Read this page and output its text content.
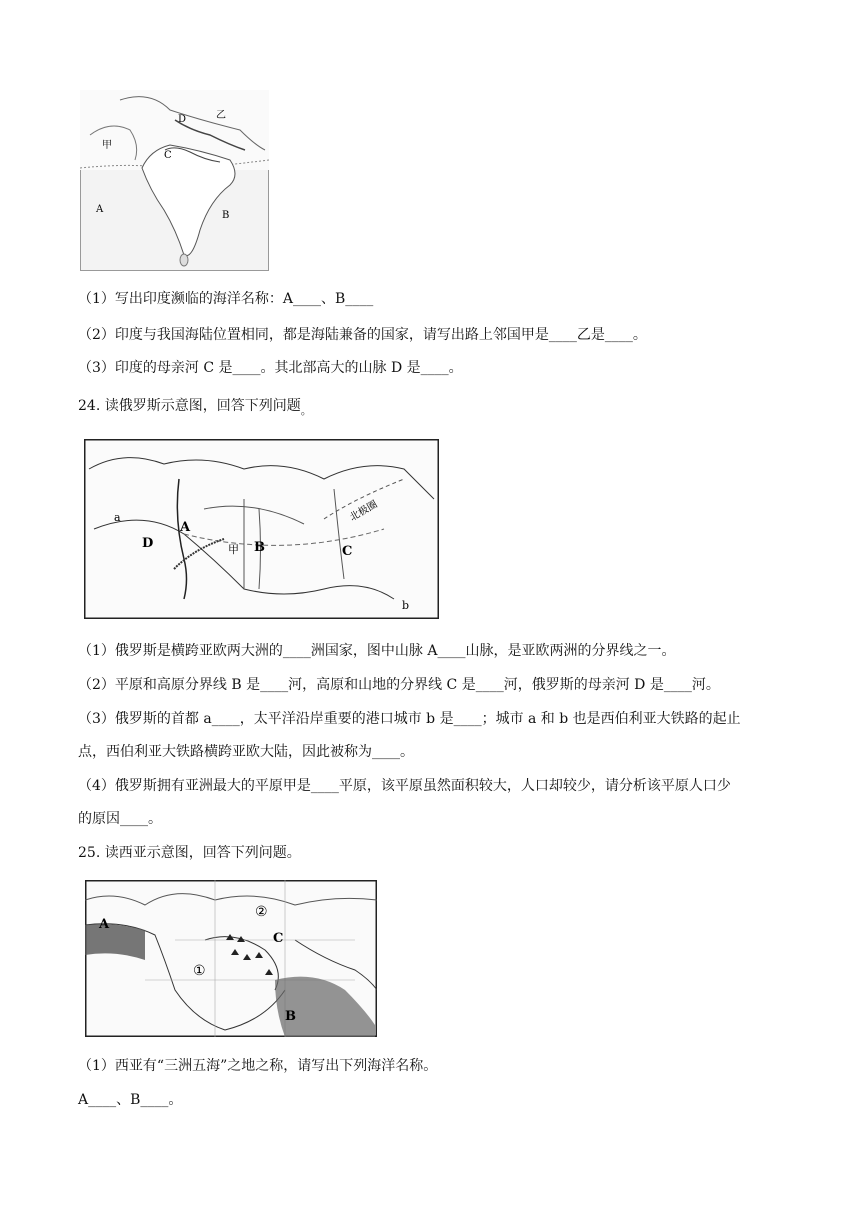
D	乙
甲
C
A
B
（1）写出印度濒临的海洋名称：A____、B____
（2）印度与我国海陆位置相同，都是海陆兼备的国家，请写出路上邻国甲是____乙是____。
（3）印度的母亲河 C 是____。其北部高大的山脉 D 是____。
24. 读俄罗斯示意图，回答下列问题$_。$
a
D
A
甲 B	C
b
北极圈
（1）俄罗斯是横跨亚欧两大洲的____洲国家，图中山脉 A____山脉，是亚欧两洲的分界线之一。
（2）平原和高原分界线 B 是____河，高原和山地的分界线 C 是____河，俄罗斯的母亲河 D 是____河。
（3）俄罗斯的首都 a____，太平洋沿岸重要的港口城市 b 是____；城市 a 和 b 也是西伯利亚大铁路的起止
点，西伯利亚大铁路横跨亚欧大陆，因此被称为____。
（4）俄罗斯拥有亚洲最大的平原甲是____平原，该平原虽然面积较大，人口却较少，请分析该平原人口少
的原因____。
25. 读西亚示意图，回答下列问题。
A
②
C
①
B
（1）西亚有“三洲五海”之地之称，请写出下列海洋名称。
A____、B____。
